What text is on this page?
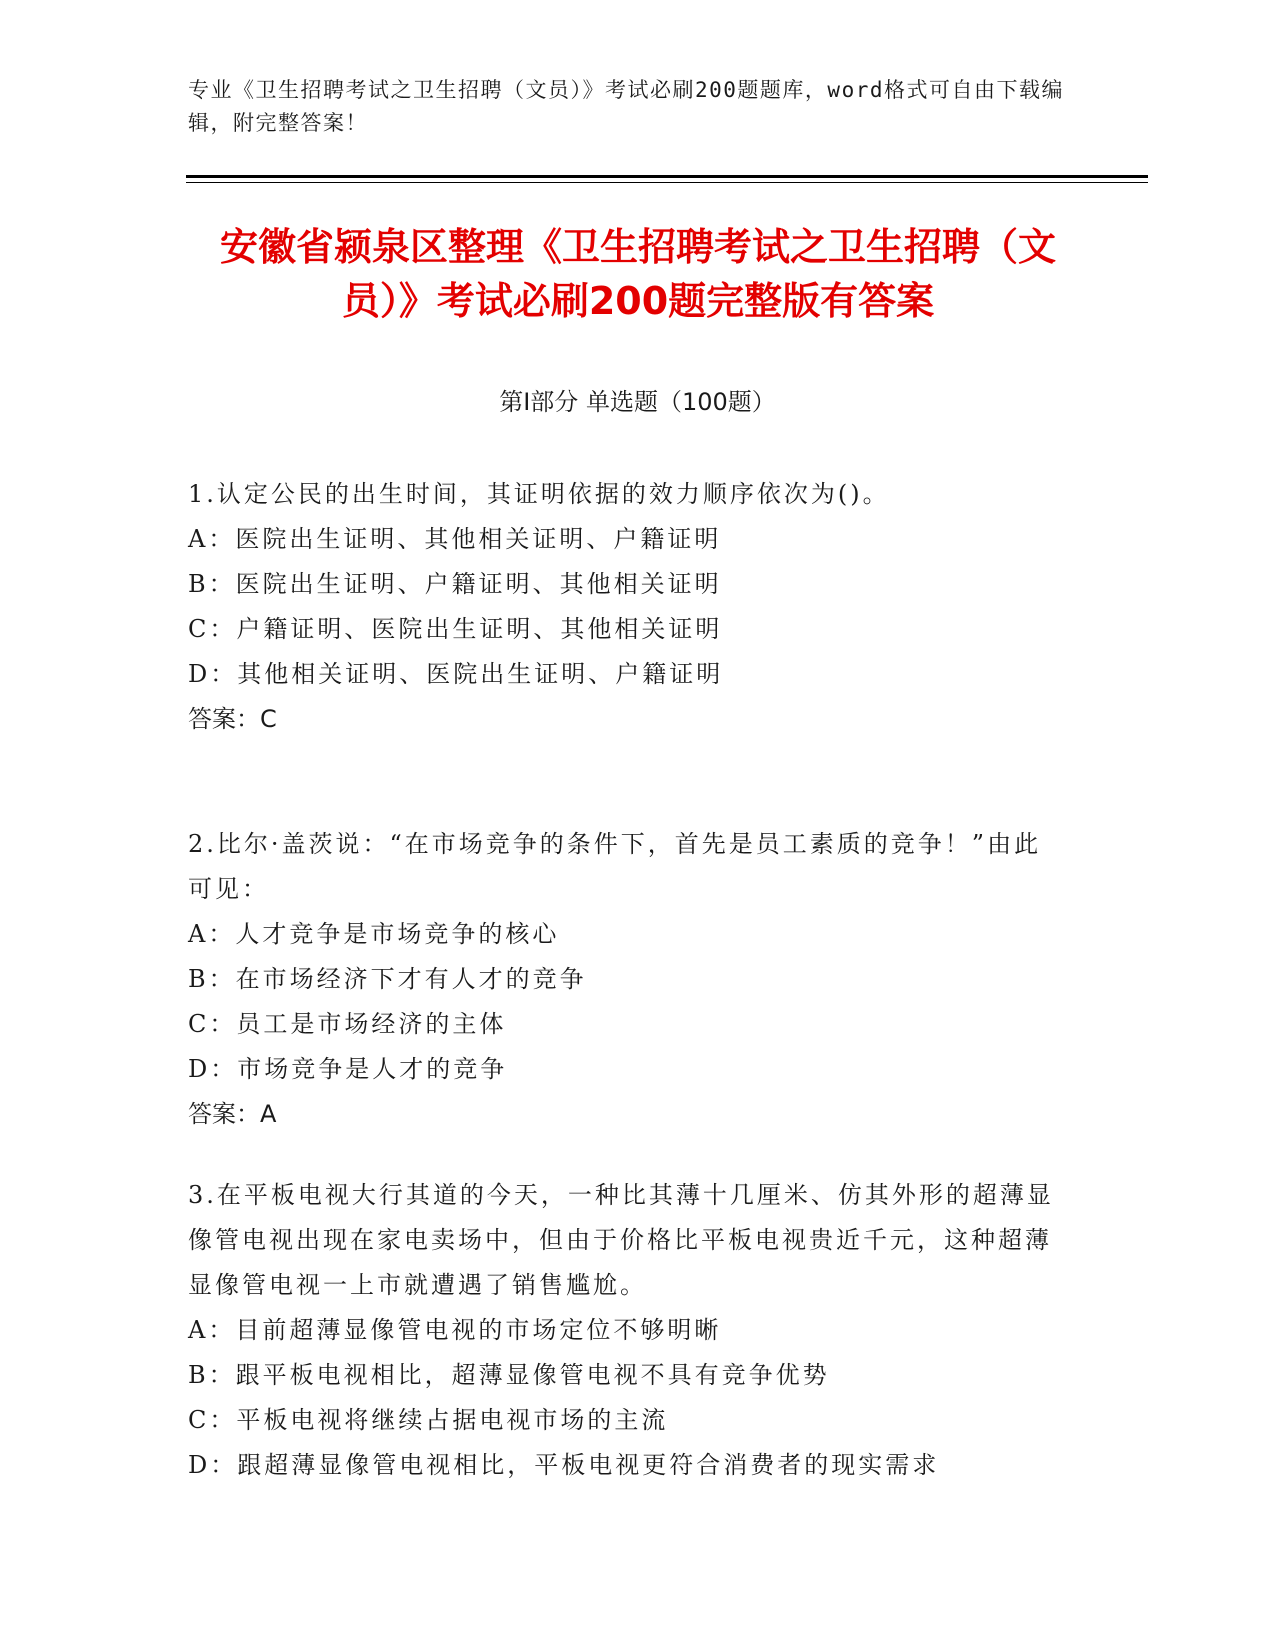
专业《卫生招聘考试之卫生招聘（文员）》考试必刷200题题库，word格式可自由下载编辑，附完整答案！
安徽省颍泉区整理《卫生招聘考试之卫生招聘（文员）》考试必刷200题完整版有答案
第Ⅰ部分 单选题（100题）
1.认定公民的出生时间，其证明依据的效力顺序依次为()。
A：医院出生证明、其他相关证明、户籍证明
B：医院出生证明、户籍证明、其他相关证明
C：户籍证明、医院出生证明、其他相关证明
D：其他相关证明、医院出生证明、户籍证明
答案：C
2.比尔·盖茨说：“在市场竞争的条件下，首先是员工素质的竞争！”由此可见：
A：人才竞争是市场竞争的核心
B：在市场经济下才有人才的竞争
C：员工是市场经济的主体
D：市场竞争是人才的竞争
答案：A
3.在平板电视大行其道的今天，一种比其薄十几厘米、仿其外形的超薄显像管电视出现在家电卖场中，但由于价格比平板电视贵近千元，这种超薄显像管电视一上市就遭遇了销售尴尬。
A：目前超薄显像管电视的市场定位不够明晰
B：跟平板电视相比，超薄显像管电视不具有竞争优势
C：平板电视将继续占据电视市场的主流
D：跟超薄显像管电视相比，平板电视更符合消费者的现实需求
